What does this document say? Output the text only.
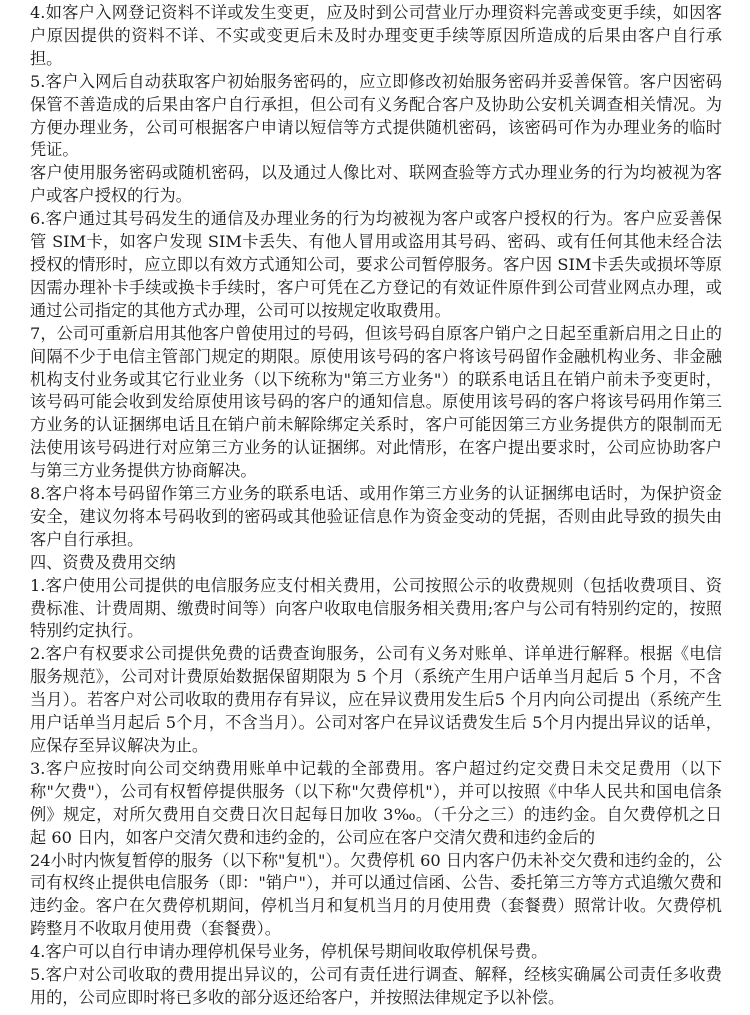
4.如客户入网登记资料不详或发生变更，应及时到公司营业厅办理资料完善或变更手续，如因客户原因提供的资料不详、不实或变更后未及时办理变更手续等原因所造成的后果由客户自行承担。

5.客户入网后自动获取客户初始服务密码的，应立即修改初始服务密码并妥善保管。客户因密码保管不善造成的后果由客户自行承担，但公司有义务配合客户及协助公安机关调查相关情况。为方便办理业务，公司可根据客户申请以短信等方式提供随机密码，该密码可作为办理业务的临时凭证。

客户使用服务密码或随机密码，以及通过人像比对、联网查验等方式办理业务的行为均被视为客户或客户授权的行为。

6.客户通过其号码发生的通信及办理业务的行为均被视为客户或客户授权的行为。客户应妥善保管 SIM卡，如客户发现 SIM卡丢失、有他人冒用或盗用其号码、密码、或有任何其他未经合法授权的情形时，应立即以有效方式通知公司，要求公司暂停服务。客户因 SIM卡丢失或损坏等原因需办理补卡手续或换卡手续时，客户可凭在乙方登记的有效证件原件到公司营业网点办理，或通过公司指定的其他方式办理，公司可以按规定收取费用。

7，公司可重新启用其他客户曾使用过的号码，但该号码自原客户销户之日起至重新启用之日止的间隔不少于电信主管部门规定的期限。原使用该号码的客户将该号码留作金融机构业务、非金融机构支付业务或其它行业业务（以下统称为"第三方业务"）的联系电话且在销户前未予变更时，该号码可能会收到发给原使用该号码的客户的通知信息。原使用该号码的客户将该号码用作第三方业务的认证捆绑电话且在销户前未解除绑定关系时，客户可能因第三方业务提供方的限制而无法使用该号码进行对应第三方业务的认证捆绑。对此情形，在客户提出要求时，公司应协助客户与第三方业务提供方协商解决。

8.客户将本号码留作第三方业务的联系电话、或用作第三方业务的认证捆绑电话时，为保护资金安全，建议勿将本号码收到的密码或其他验证信息作为资金变动的凭据，否则由此导致的损失由客户自行承担。

四、资费及费用交纳

1.客户使用公司提供的电信服务应支付相关费用，公司按照公示的收费规则（包括收费项目、资费标准、计费周期、缴费时间等）向客户收取电信服务相关费用;客户与公司有特别约定的，按照特别约定执行。

2.客户有权要求公司提供免费的话费查询服务，公司有义务对账单、详单进行解释。根据《电信服务规范》，公司对计费原始数据保留期限为 5 个月（系统产生用户话单当月起后 5 个月，不含当月）。若客户对公司收取的费用存有异议，应在异议费用发生后5 个月内向公司提出（系统产生用户话单当月起后 5个月，不含当月）。公司对客户在异议话费发生后 5个月内提出异议的话单，应保存至异议解决为止。

3.客户应按时向公司交纳费用账单中记载的全部费用。客户超过约定交费日未交足费用（以下称"欠费"），公司有权暂停提供服务（以下称"欠费停机"），并可以按照《中华人民共和国电信条例》规定，对所欠费用自交费日次日起每日加收 3‰。（千分之三）的违约金。自欠费停机之日起 60 日内，如客户交清欠费和违约金的，公司应在客户交清欠费和违约金后的

24小时内恢复暂停的服务（以下称"复机"）。欠费停机 60 日内客户仍未补交欠费和违约金的，公司有权终止提供电信服务（即："销户"），并可以通过信函、公告、委托第三方等方式追缴欠费和违约金。客户在欠费停机期间，停机当月和复机当月的月使用费（套餐费）照常计收。欠费停机跨整月不收取月使用费（套餐费）。

4.客户可以自行申请办理停机保号业务，停机保号期间收取停机保号费。

5.客户对公司收取的费用提出异议的，公司有责任进行调查、解释，经核实确属公司责任多收费用的，公司应即时将已多收的部分返还给客户，并按照法律规定予以补偿。
